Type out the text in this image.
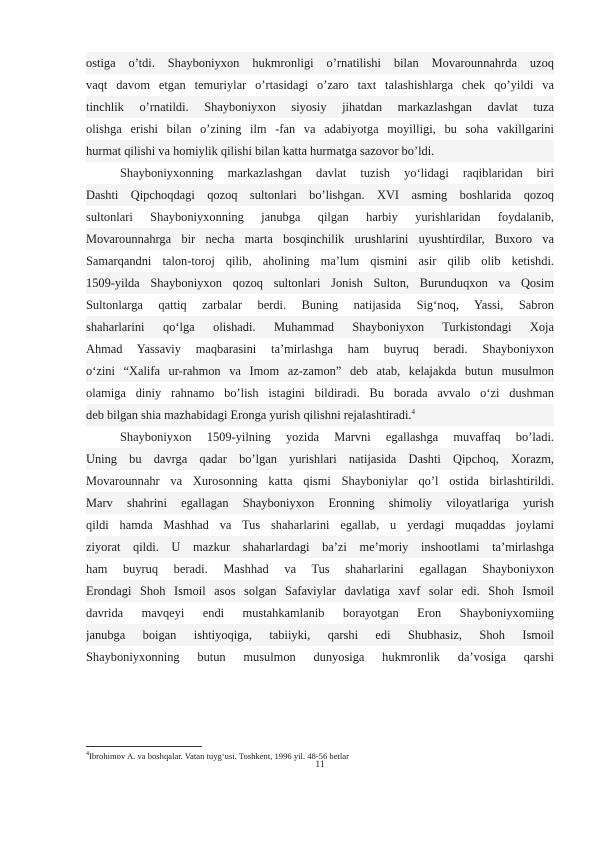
ostiga o’tdi. Shayboniyxon hukmronligi o’rnatilishi bilan Movarounnahrda uzoq
vaqt davom etgan temuriylar o’rtasidagi o’zaro taxt talashishlarga chek qo’yildi va
tinchlik o’rnatildi. Shayboniyxon siyosiy jihatdan markazlashgan davlat tuza
olishga erishi bilan o’zining ilm -fan va adabiyotga moyilligi, bu soha vakillgarini
hurmat qilishi va homiylik qilishi bilan katta hurmatga sazovor bo’ldi.
Shayboniyxonning markazlashgan davlat tuzish yo‘lidagi raqiblaridan biri
Dashti Qipchoqdagi qozoq sultonlari bo’lishgan. XVI asming boshlarida qozoq
sultonlari Shayboniyxonning janubga qilgan harbiy yurishlaridan foydalanib,
Movarounnahrga bir necha marta bosqinchilik urushlarini uyushtirdilar, Buxoro va
Samarqandni talon-toroj qilib, aholining ma’lum qismini asir qilib olib ketishdi.
1509-yilda Shayboniyxon qozoq sultonlari Jonish Sulton, Burunduqxon va Qosim
Sultonlarga qattiq zarbalar berdi. Buning natijasida Sig‘noq, Yassi, Sabron
shaharlarini qo‘lga olishadi. Muhammad Shayboniyxon Turkistondagi Xoja
Ahmad Yassaviy maqbarasini ta’mirlashga ham buyruq beradi. Shayboniyxon
o‘zini “Xalifa ur-rahmon va Imom az-zamon” deb atab, kelajakda butun musulmon
olamiga diniy rahnamo bo’lish istagini bildiradi. Bu borada avvalo o‘zi dushman
deb bilgan shia mazhabidagi Eronga yurish qilishni rejalashtiradi.$^4$
Shayboniyxon 1509-yilning yozida Marvni egallashga muvaffaq bo’ladi.
Uning bu davrga qadar bo’lgan yurishlari natijasida Dashti Qipchoq, Xorazm,
Movarounnahr va Xurosonning katta qismi Shayboniylar qo’l ostida birlashtirildi.
Marv shahrini egallagan Shayboniyxon Eronning shimoliy viloyatlariga yurish
qildi hamda Mashhad va Tus shaharlarini egallab, u yerdagi muqaddas joylami
ziyorat qildi. U mazkur shaharlardagi ba’zi me’moriy inshootlami ta’mirlashga
ham buyruq beradi. Mashhad va Tus shaharlarini egallagan Shayboniyxon
Erondagi Shoh Ismoil asos solgan Safaviylar davlatiga xavf solar edi. Shoh Ismoil
davrida mavqeyi endi mustahkamlanib borayotgan Eron Shayboniyxomiing
janubga boigan ishtiyoqiga, tabiiyki, qarshi edi Shubhasiz, Shoh Ismoil
Shayboniyxonning butun musulmon dunyosiga hukmronlik da’vosiga qarshi
$^4$Ibrohimov A. va boshqalar. Vatan tuyg‘usi. Toshkent, 1996 yil. 48-56 betlar
11
